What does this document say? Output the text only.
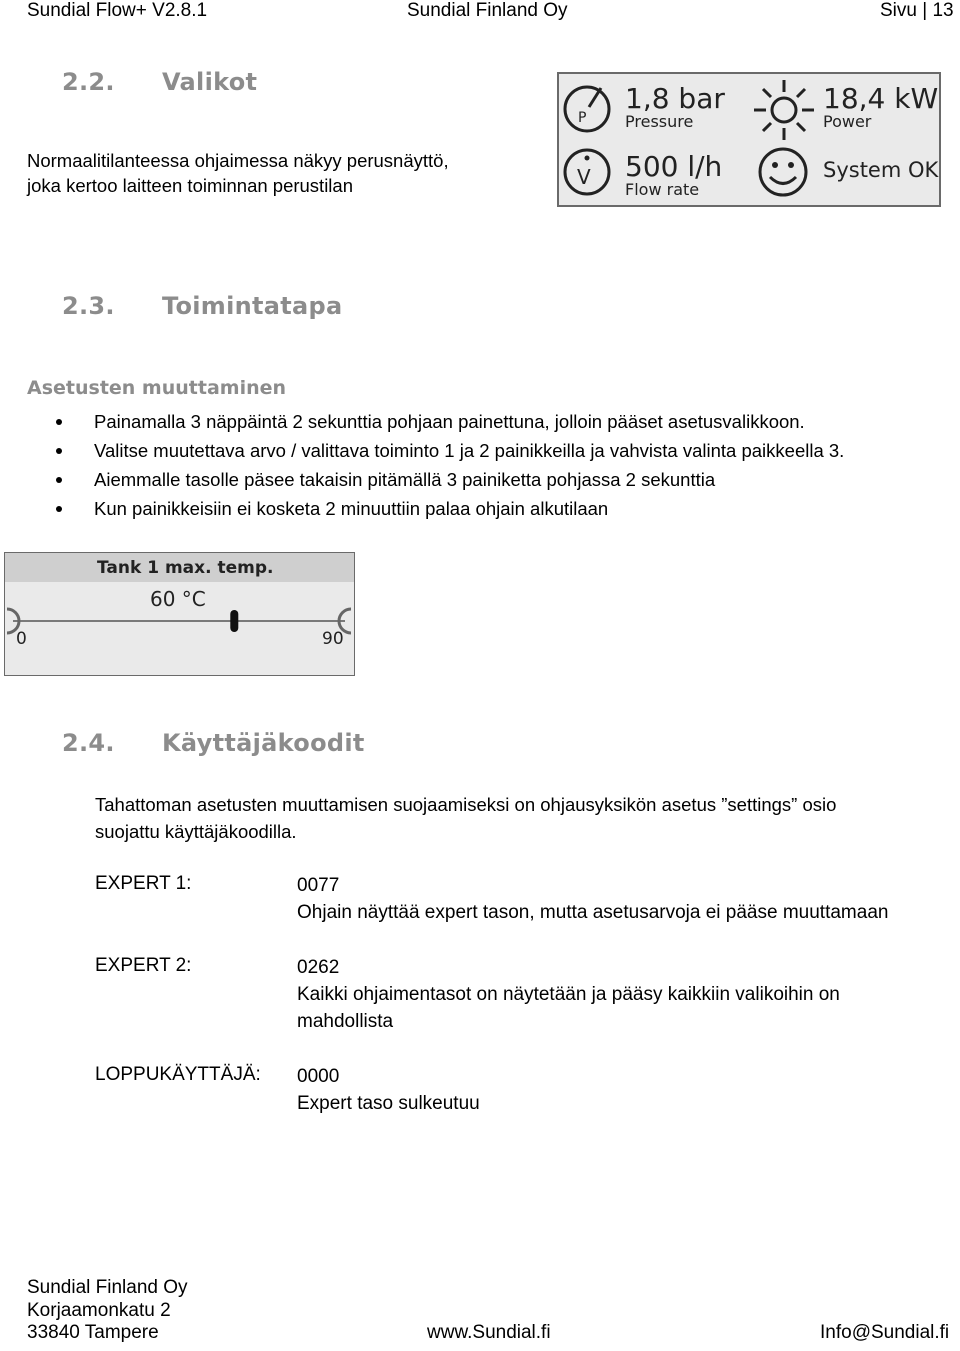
Sundial Flow+ V2.8.1	Sundial Finland Oy	Sivu | 13
2.2. Valikot
Normaalitilanteessa ohjaimessa näkyy perusnäyttö,
joka kertoo laitteen toiminnan perustilan
P
V
1,8 bar
Pressure
18,4 kW
Power
500 l/h
Flow rate
System OK
2.3. Toimintatapa
Asetusten muuttaminen
Painamalla 3 näppäintä 2 sekunttia pohjaan painettuna, jolloin pääset asetusvalikkoon.
Valitse muutettava arvo / valittava toiminto 1 ja 2 painikkeilla ja vahvista valinta paikkeella 3.
Aiemmalle tasolle päsee takaisin pitämällä 3 painiketta pohjassa 2 sekunttia
Kun painikkeisiin ei kosketa 2 minuuttiin palaa ohjain alkutilaan
Tank 1 max. temp.
60 °C
0	90
2.4. Käyttäjäkoodit
Tahattoman asetusten muuttamisen suojaamiseksi on ohjausyksikön asetus ”settings” osio
suojattu käyttäjäkoodilla.
EXPERT 1:	0077
Ohjain näyttää expert tason, mutta asetusarvoja ei pääse muuttamaan
EXPERT 2:	0262
Kaikki ohjaimentasot on näytetään ja pääsy kaikkiin valikoihin on
mahdollista
LOPPUKÄYTTÄJÄ: 0000
Expert taso sulkeutuu
Sundial Finland Oy
Korjaamonkatu 2
33840 Tampere	www.Sundial.fi	Info@Sundial.fi
